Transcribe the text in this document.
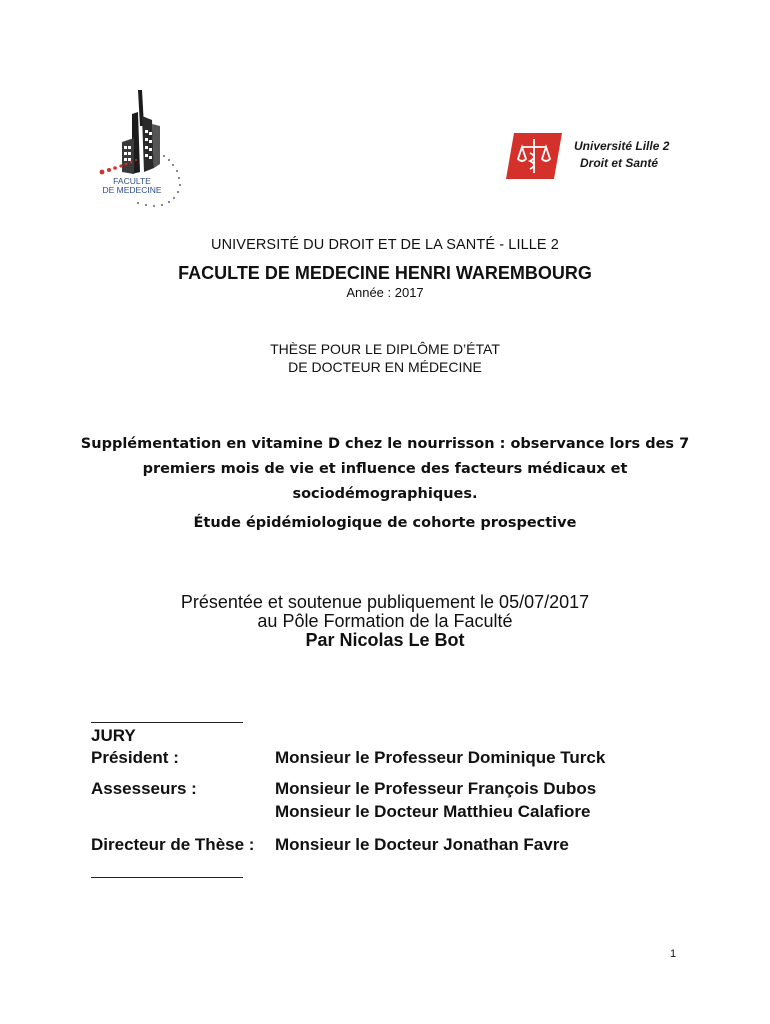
FACULTE
DE MEDECINE
Université Lille 2
Droit et Santé
UNIVERSITÉ DU DROIT ET DE LA SANTÉ - LILLE 2
FACULTE DE MEDECINE HENRI WAREMBOURG
Année : 2017
THÈSE POUR LE DIPLÔME D’ÉTAT
DE DOCTEUR EN MÉDECINE
Supplémentation en vitamine D chez le nourrisson : observance lors des 7 premiers mois de vie et influence des facteurs médicaux et sociodémographiques.
Étude épidémiologique de cohorte prospective
Présentée et soutenue publiquement le 05/07/2017
au Pôle Formation de la Faculté
Par Nicolas Le Bot
JURY
Président :	Monsieur le Professeur Dominique Turck
Assesseurs :	Monsieur le Professeur François Dubos
Monsieur le Docteur Matthieu Calafiore
Directeur de Thèse : Monsieur le Docteur Jonathan Favre
1
